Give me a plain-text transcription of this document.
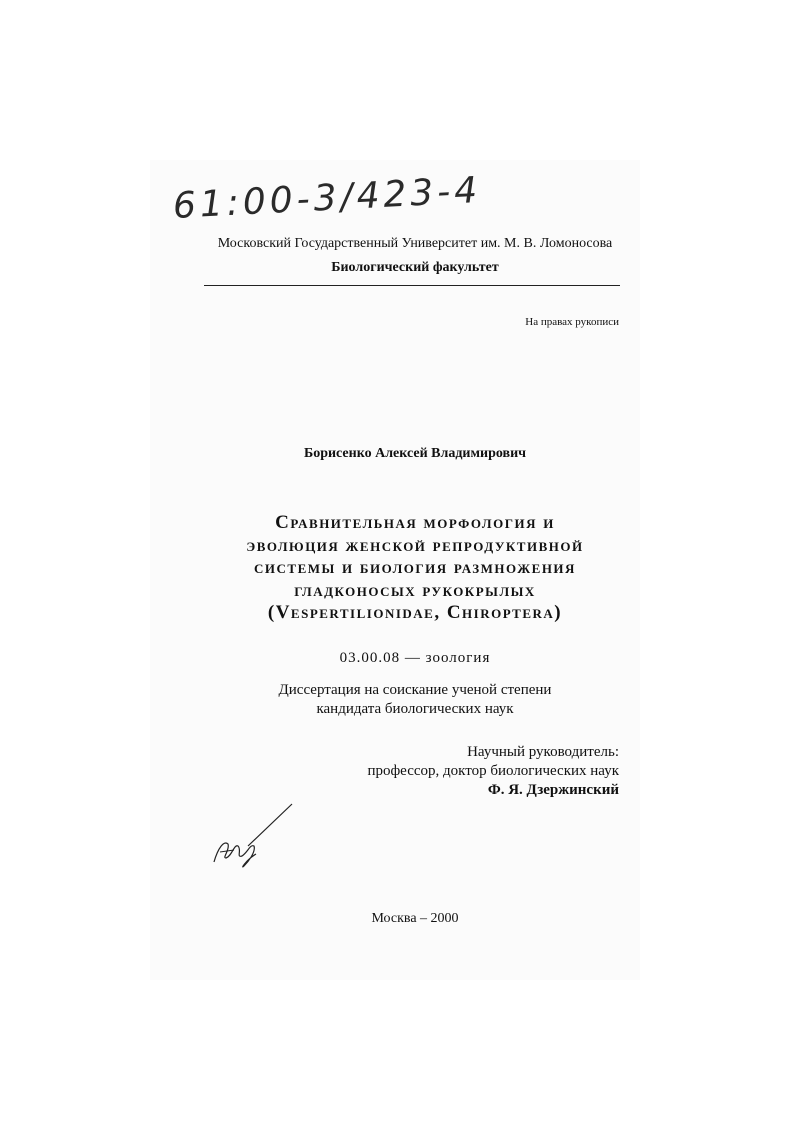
61:00-3/423-4
Московский Государственный Университет им. М. В. Ломоносова
Биологический факультет
На правах рукописи
Борисенко Алексей Владимирович
Сравнительная морфология и
эволюция женской репродуктивной
системы и биология размножения
гладконосых рукокрылых
(Vespertilionidae, Chiroptera)
03.00.08 — зоология
Диссертация на соискание ученой степени
кандидата биологических наук
Научный руководитель:
профессор, доктор биологических наук
Ф. Я. Дзержинский
Москва – 2000
